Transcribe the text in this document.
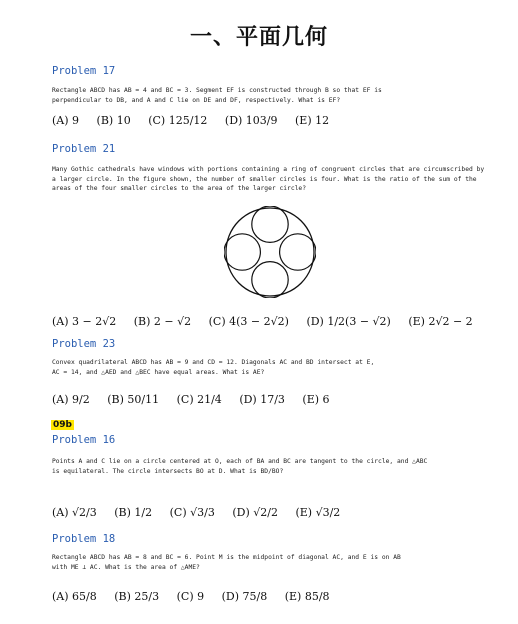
一、平面几何
Problem 17
Rectangle ABCD has AB = 4 and BC = 3. Segment EF is constructed through B so that EF is
perpendicular to DB, and A and C lie on DE and DF, respectively. What is EF?
(A) 9 (B) 10 (C) 125/12 (D) 103/9 (E) 12
Problem 21
Many Gothic cathedrals have windows with portions containing a ring of congruent circles that are circumscribed by
a larger circle. In the figure shown, the number of smaller circles is four. What is the ratio of the sum of the
areas of the four smaller circles to the area of the larger circle?
(A) 3 − 2√2 (B) 2 − √2 (C) 4(3 − 2√2) (D) 1/2(3 − √2) (E) 2√2 − 2
Problem 23
Convex quadrilateral ABCD has AB = 9 and CD = 12. Diagonals AC and BD intersect at E,
AC = 14, and △AED and △BEC have equal areas. What is AE?
(A) 9/2 (B) 50/11 (C) 21/4 (D) 17/3 (E) 6
09b
Problem 16
Points A and C lie on a circle centered at O, each of BA and BC are tangent to the circle, and △ABC
is equilateral. The circle intersects BO at D. What is BD/BO?
(A) √2/3 (B) 1/2 (C) √3/3 (D) √2/2 (E) √3/2
Problem 18
Rectangle ABCD has AB = 8 and BC = 6. Point M is the midpoint of diagonal AC, and E is on AB
with ME ⊥ AC. What is the area of △AME?
(A) 65/8 (B) 25/3 (C) 9 (D) 75/8 (E) 85/8
